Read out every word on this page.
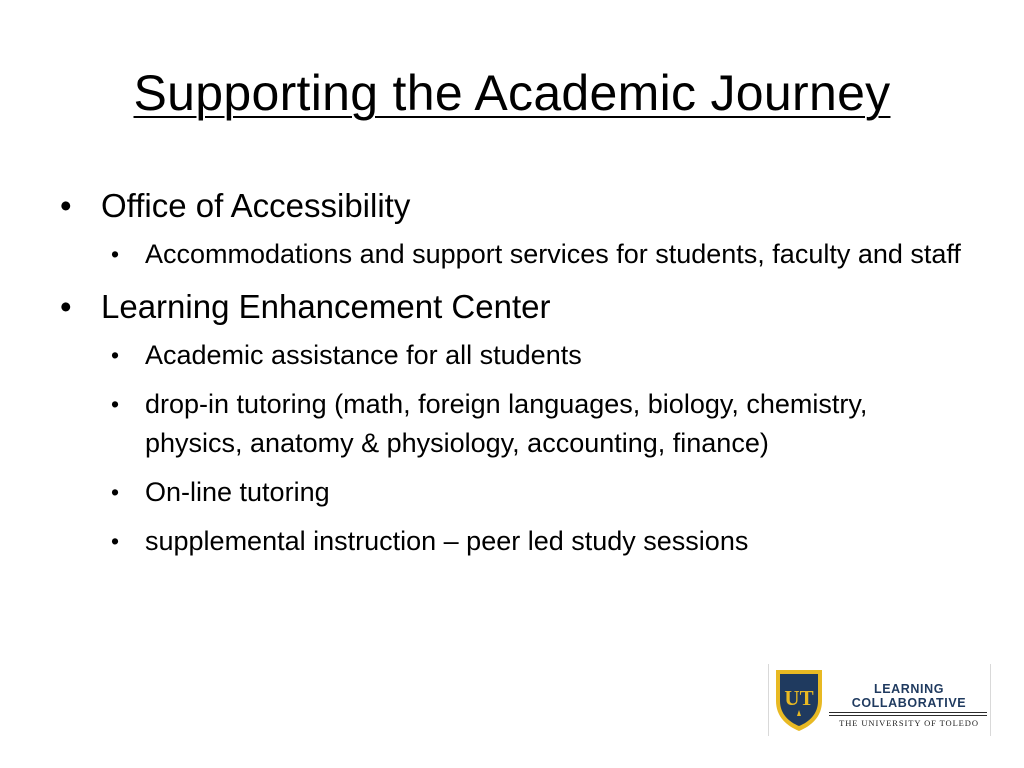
Supporting the Academic Journey
• Office of Accessibility
• Accommodations and support services for students, faculty and staff
• Learning Enhancement Center
• Academic assistance for all students
• drop-in tutoring (math, foreign languages, biology, chemistry, physics, anatomy & physiology, accounting, finance)
• On-line tutoring
• supplemental instruction – peer led study sessions
UT	LEARNING
COLLABORATIVE
THE UNIVERSITY OF TOLEDO
